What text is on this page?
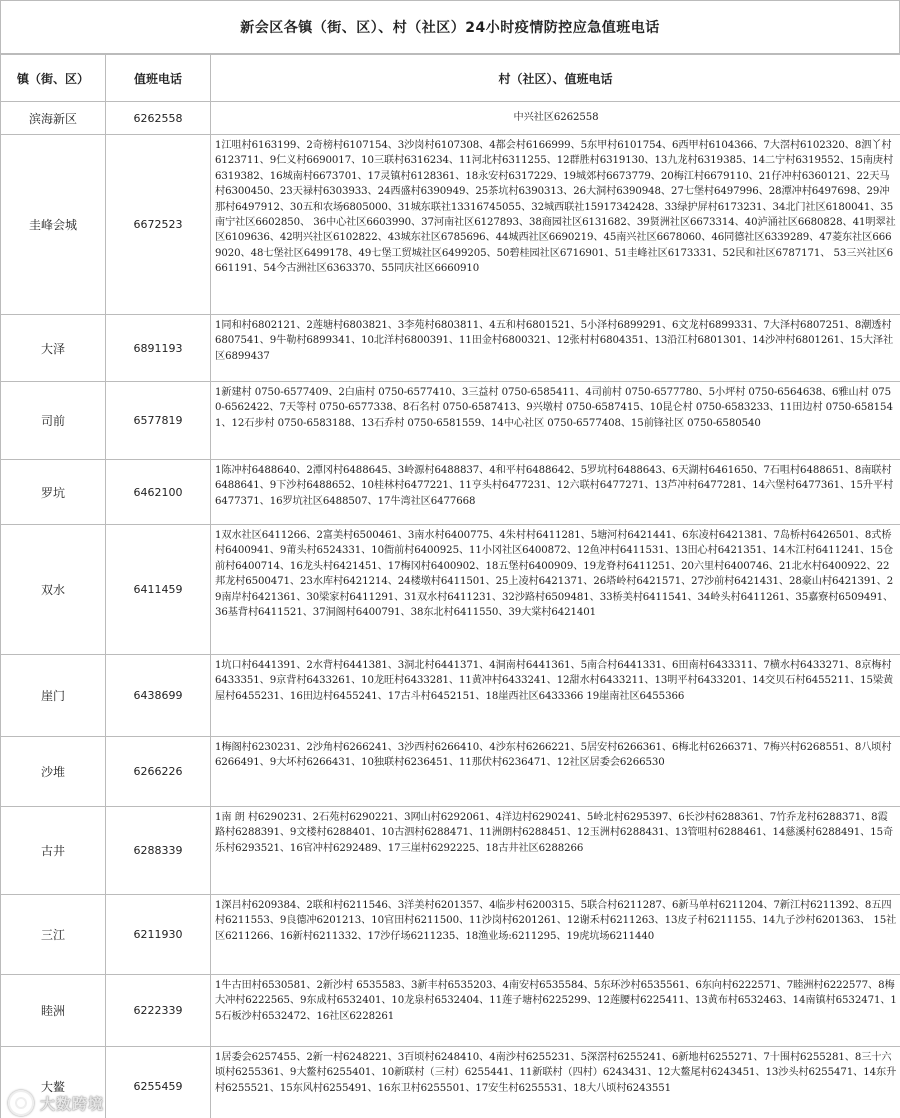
新会区各镇（街、区）、村（社区）24小时疫情防控应急值班电话
镇（街、区）	值班电话	村（社区）、值班电话
滨海新区	6262558	中兴社区6262558
圭峰会城	6672523	1江咀村6163199、2奇榜村6107154、3沙岗村6107308、4都会村6166999、5东甲村6101754、6西甲村6104366、7大滘村6102320、8泗丫村6123711、9仁义村6690017、10三联村6316234、11河北村6311255、12群胜村6319130、13九龙村6319385、14二宁村6319552、15南庚村6319382、16城南村6673701、17灵镇村6128361、18永安村6317229、19城郊村6673779、20梅江村6679110、21仔冲村6360121、22天马村6300450、23天禄村6303933、24西盛村6390949、25茶坑村6390313、26大洞村6390948、27七堡村6497996、28潭冲村6497698、29冲那村6497912、30五和农场6805000、31城东联社13316745055、32城西联社15917342428、33绿护屏村6173231、34北门社区6180041、35南宁社区6602850、 36中心社区6603990、37河南社区6127893、38商园社区6131682、39贤洲社区6673314、40泸涌社区6680828、41明翠社区6109636、42明兴社区6102822、43城东社区6785696、44城西社区6690219、45南兴社区6678060、46同德社区6339289、47菱东社区6669020、48七堡社区6499178、49七堡工贸城社区6499205、50碧桂园社区6716901、51圭峰社区6173331、52民和社区6787171、 53三兴社区6661191、54今古洲社区6363370、55同庆社区6660910
大泽	6891193	1同和村6802121、2莲塘村6803821、3李苑村6803811、4五和村6801521、5小泽村6899291、6文龙村6899331、7大泽村6807251、8潮透村6807541、9牛勒村6899341、10北洋村6800391、11田金村6800321、12张村村6804351、13沿江村6801301、14沙冲村6801261、15大泽社区6899437
司前	6577819	1新建村 0750-6577409、2白庙村 0750-6577410、3三益村 0750-6585411、4司前村 0750-6577780、5小坪村 0750-6564638、6雅山村 0750-6562422、7天等村 0750-6577338、8石名村 0750-6587413、9兴墩村 0750-6587415、10昆仑村 0750-6583233、11田边村 0750-6581541、12石步村 0750-6583188、13石乔村 0750-6581559、14中心社区 0750-6577408、15前锋社区 0750-6580540
罗坑	6462100	1陈冲村6488640、2潭冈村6488645、3岭源村6488837、4和平村6488642、5罗坑村6488643、6天湖村6461650、7石咀村6488651、8南联村6488641、9下沙村6488652、10桂林村6477221、11亨头村6477231、12六联村6477271、13芦冲村6477281、14六堡村6477361、15升平村6477371、16罗坑社区6488507、17牛湾社区6477668
双水	6411459	1双水社区6411266、2富美村6500461、3南水村6400775、4朱村村6411281、5塘河村6421441、6东凌村6421381、7岛桥村6426501、8式桥村6400941、9莆头村6524331、10衙前村6400925、11小冈社区6400872、12鱼冲村6411531、13田心村6421351、14木江村6411241、15仓前村6400714、16龙头村6421451、17梅冈村6400902、18五堡村6400909、19龙脊村6411251、20六里村6400746、21北水村6400922、22邦龙村6500471、23水库村6421214、24楼墩村6411501、25上凌村6421371、26塔岭村6421571、27沙前村6421431、28豪山村6421391、29南岸村6421361、30梁家村6411291、31双水村6411231、32沙路村6509481、33桥美村6411541、34岭头村6411261、35嘉寮村6509491、36基背村6411521、37洞阁村6400791、38东北村6411550、39大棠村6421401
崖门	6438699	1坑口村6441391、2水背村6441381、3洞北村6441371、4洞南村6441361、5南合村6441331、6田南村6433311、7横水村6433271、8京梅村6433351、9京背村6433261、10龙旺村6433281、11黄冲村6433241、12甜水村6433211、13明平村6433201、14交贝石村6455211、15梁黄屋村6455231、16田边村6455241、17古斗村6452151、18崖西社区6433366 19崖南社区6455366
沙堆	6266226	1梅阁村6230231、2沙角村6266241、3沙西村6266410、4沙东村6266221、5居安村6266361、6梅北村6266371、7梅兴村6268551、8八顷村6266491、9大坏村6266431、10独联村6236451、11那伏村6236471、12社区居委会6266530
古井	6288339	1南 朗 村6290231、2石苑村6290221、3网山村6292061、4洋边村6290241、5岭北村6295397、6长沙村6288361、7竹乔龙村6288371、8霞路村6288391、9文楼村6288401、10古泗村6288471、11洲朗村6288451、12玉洲村6288431、13管咀村6288461、14慈溪村6288491、15奇乐村6293521、16官冲村6292489、17三崖村6292225、18古井社区6288266
三江	6211930	1深吕村6209384、2联和村6211546、3洋美村6201357、4临步村6200315、5联合村6211287、6新马单村6211204、7新江村6211392、8五四村6211553、9良德冲6201213、10官田村6211500、11沙岗村6201261、12谢禾村6211263、13皮子村6211155、14九子沙村6201363、 15社区6211266、16新村6211332、17沙仔场6211235、18渔业场:6211295、19虎坑场6211440
睦洲	6222339	1牛古田村6530581、2新沙村 6535583、3新丰村6535203、4南安村6535584、5东环沙村6535561、6东向村6222571、7睦洲村6222577、8梅大冲村6222565、9东成村6532401、10龙泉村6532404、11莲子塘村6225299、12莲腰村6225411、13黄布村6532463、14南镇村6532471、15石板沙村6532472、16社区6228261
大鳌	6255459	1居委会6257455、2新一村6248221、3百顷村6248410、4南沙村6255231、5深滘村6255241、6新地村6255271、7十围村6255281、8三十六顷村6255361、9大鳌村6255401、10新联村（三村）6255441、11新联村（四村）6243431、12大鳌尾村6243451、13沙头村6255471、14东升村6255521、15东风村6255491、16东卫村6255501、17安生村6255531、18大八顷村6243551
大数跨境
